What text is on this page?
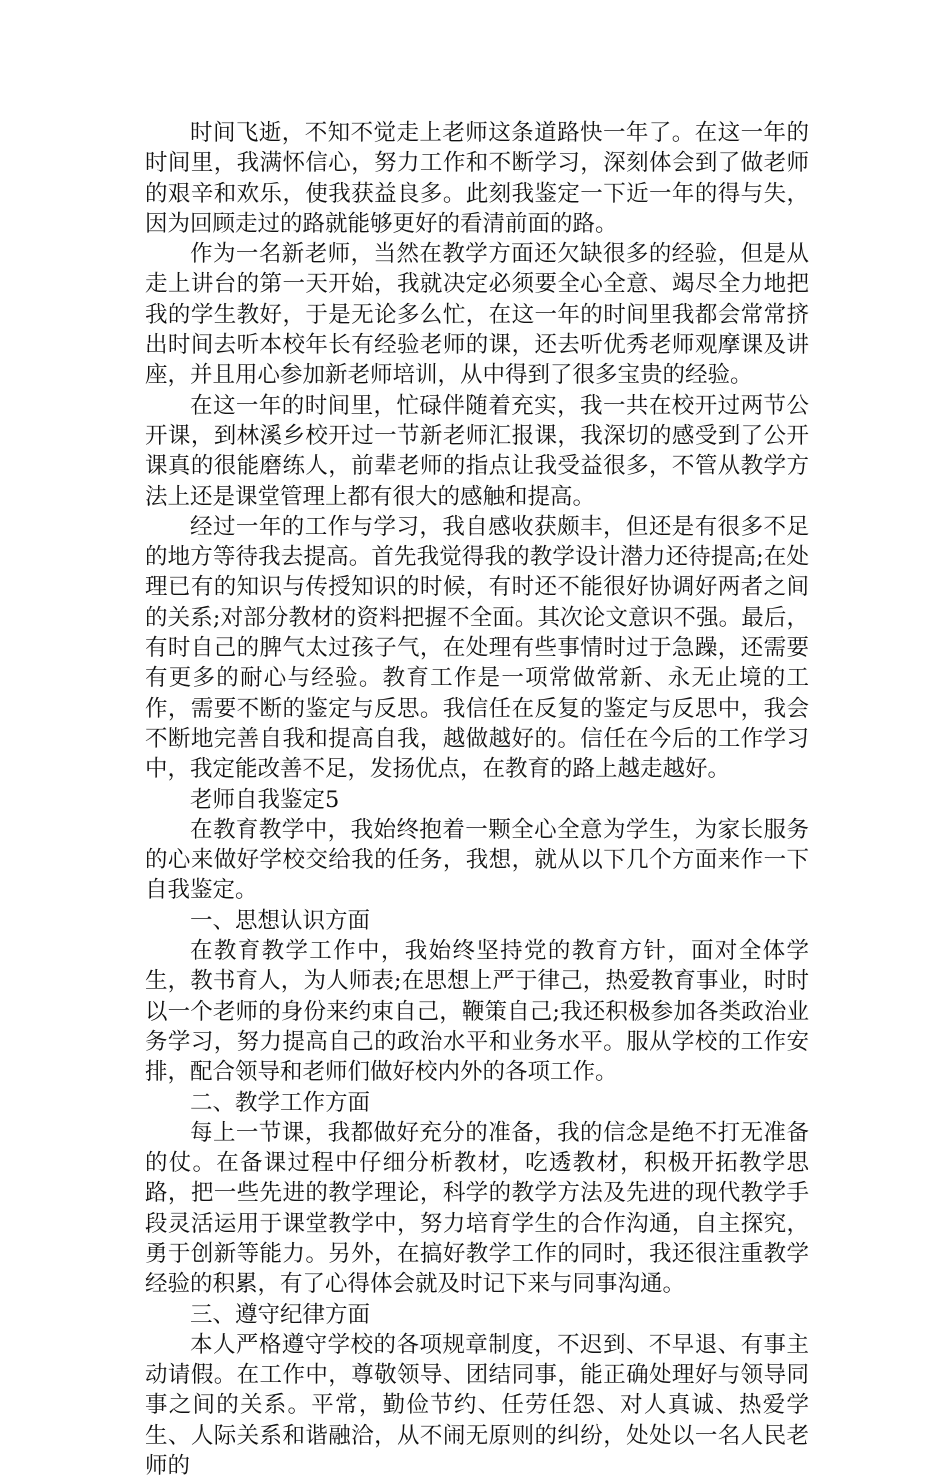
时间飞逝，不知不觉走上老师这条道路快一年了。在这一年的时间里，我满怀信心，努力工作和不断学习，深刻体会到了做老师的艰辛和欢乐，使我获益良多。此刻我鉴定一下近一年的得与失，因为回顾走过的路就能够更好的看清前面的路。

作为一名新老师，当然在教学方面还欠缺很多的经验，但是从走上讲台的第一天开始，我就决定必须要全心全意、竭尽全力地把我的学生教好，于是无论多么忙，在这一年的时间里我都会常常挤出时间去听本校年长有经验老师的课，还去听优秀老师观摩课及讲座，并且用心参加新老师培训，从中得到了很多宝贵的经验。

在这一年的时间里，忙碌伴随着充实，我一共在校开过两节公开课，到林溪乡校开过一节新老师汇报课，我深切的感受到了公开课真的很能磨练人，前辈老师的指点让我受益很多，不管从教学方法上还是课堂管理上都有很大的感触和提高。

经过一年的工作与学习，我自感收获颇丰，但还是有很多不足的地方等待我去提高。首先我觉得我的教学设计潜力还待提高;在处理已有的知识与传授知识的时候，有时还不能很好协调好两者之间的关系;对部分教材的资料把握不全面。其次论文意识不强。最后，有时自己的脾气太过孩子气，在处理有些事情时过于急躁，还需要有更多的耐心与经验。教育工作是一项常做常新、永无止境的工作，需要不断的鉴定与反思。我信任在反复的鉴定与反思中，我会不断地完善自我和提高自我，越做越好的。信任在今后的工作学习中，我定能改善不足，发扬优点，在教育的路上越走越好。

老师自我鉴定5

在教育教学中，我始终抱着一颗全心全意为学生，为家长服务的心来做好学校交给我的任务，我想，就从以下几个方面来作一下自我鉴定。

一、思想认识方面

在教育教学工作中，我始终坚持党的教育方针，面对全体学生，教书育人，为人师表;在思想上严于律己，热爱教育事业，时时以一个老师的身份来约束自己，鞭策自己;我还积极参加各类政治业务学习，努力提高自己的政治水平和业务水平。服从学校的工作安排，配合领导和老师们做好校内外的各项工作。

二、教学工作方面

每上一节课，我都做好充分的准备，我的信念是绝不打无准备的仗。在备课过程中仔细分析教材，吃透教材，积极开拓教学思路，把一些先进的教学理论，科学的教学方法及先进的现代教学手段灵活运用于课堂教学中，努力培育学生的合作沟通，自主探究，勇于创新等能力。另外，在搞好教学工作的同时，我还很注重教学经验的积累，有了心得体会就及时记下来与同事沟通。

三、遵守纪律方面

本人严格遵守学校的各项规章制度，不迟到、不早退、有事主动请假。在工作中，尊敬领导、团结同事，能正确处理好与领导同事之间的关系。平常，勤俭节约、任劳任怨、对人真诚、热爱学生、人际关系和谐融洽，从不闹无原则的纠纷，处处以一名人民老师的
